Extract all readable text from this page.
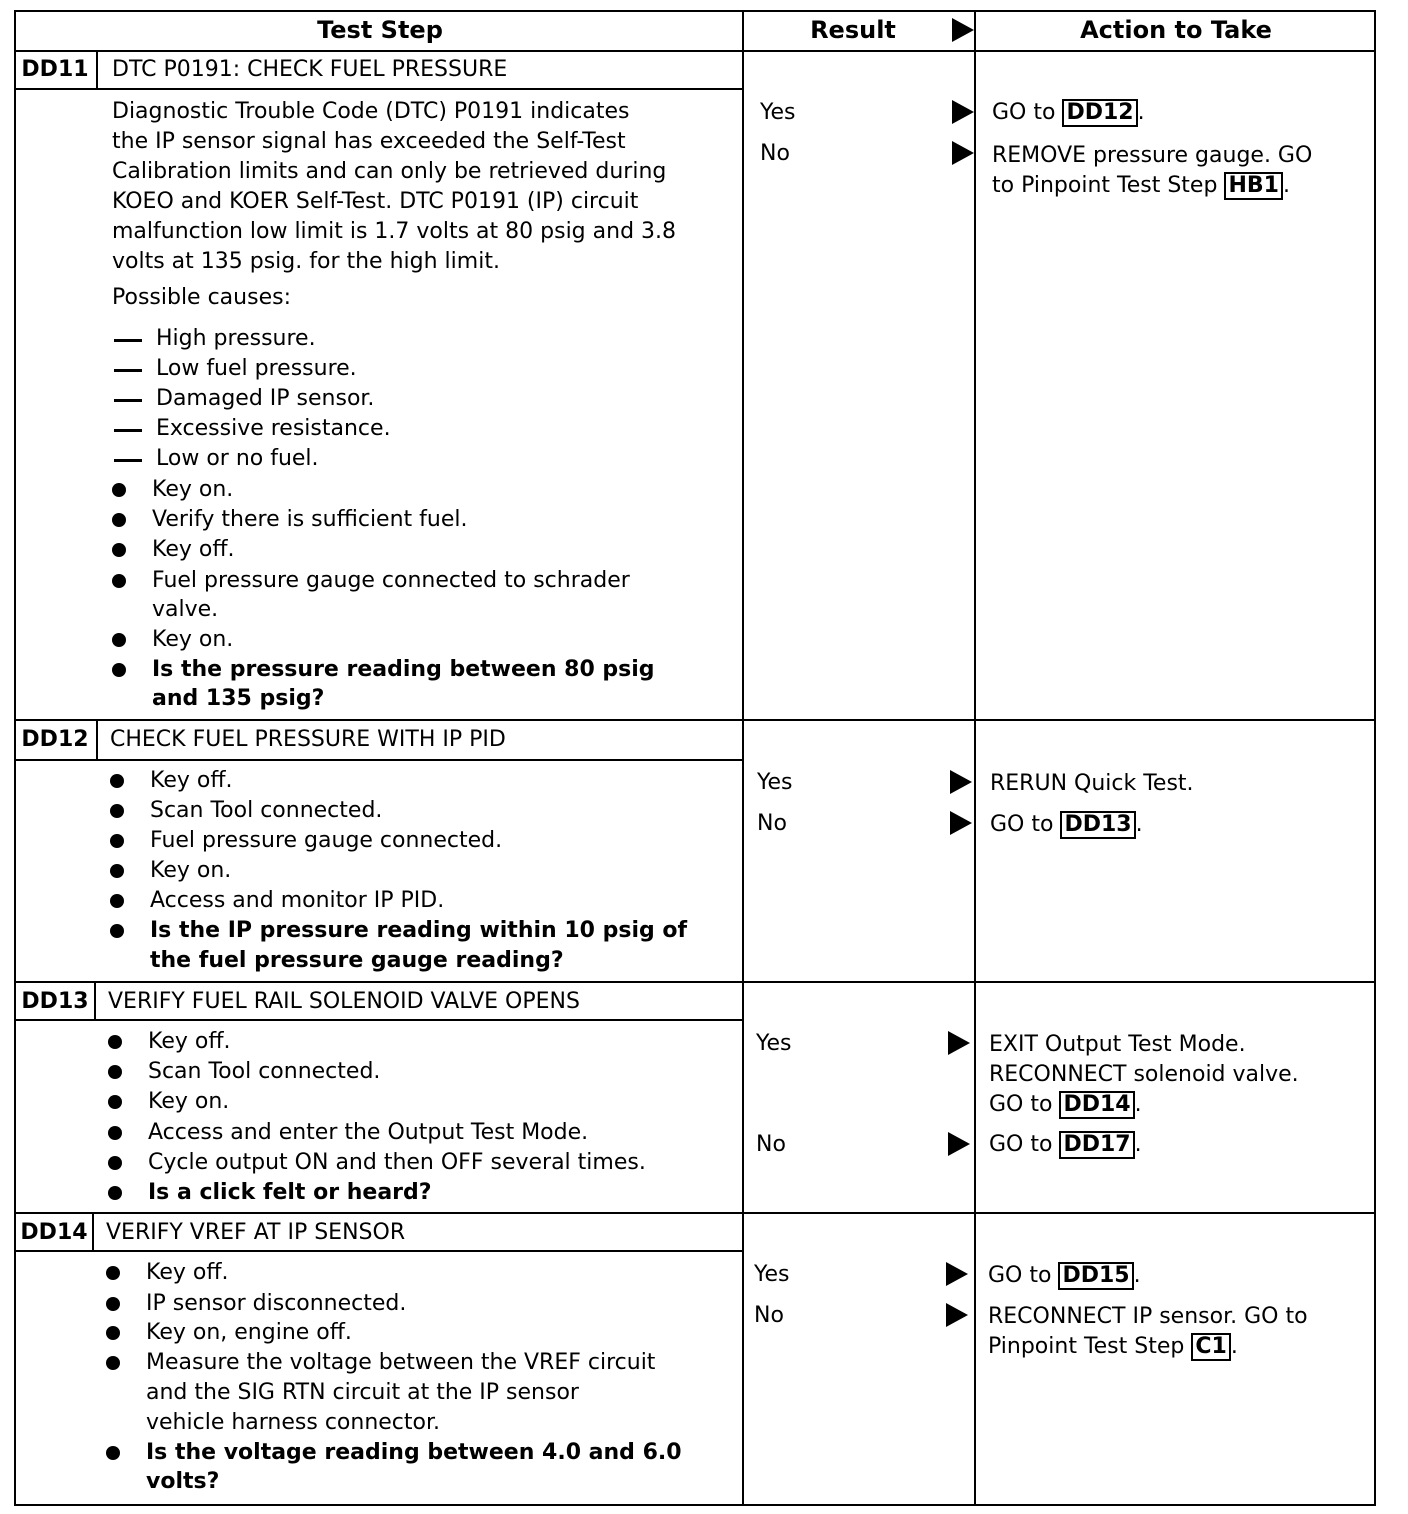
Test Step	Result	Action to Take
DD11 DTC P0191: CHECK FUEL PRESSURE
Diagnostic Trouble Code (DTC) P0191 indicates
the IP sensor signal has exceeded the Self-Test
Calibration limits and can only be retrieved during
KOEO and KOER Self-Test. DTC P0191 (IP) circuit
malfunction low limit is 1.7 volts at 80 psig and 3.8
volts at 135 psig. for the high limit.
Possible causes:
High pressure.
Low fuel pressure.
Damaged IP sensor.
Excessive resistance.
Low or no fuel.
Key on.
Verify there is sufficient fuel.
Key off.
Fuel pressure gauge connected to schrader
valve.
Key on.
Is the pressure reading between 80 psig
and 135 psig?
Yes
No
GO to DD12 .
REMOVE pressure gauge. GO
to Pinpoint Test Step HB1 .
DD12 CHECK FUEL PRESSURE WITH IP PID
Key off.
Scan Tool connected.
Fuel pressure gauge connected.
Key on.
Access and monitor IP PID.
Is the IP pressure reading within 10 psig of
the fuel pressure gauge reading?
Yes
No
RERUN Quick Test.
GO to DD13 .
DD13 VERIFY FUEL RAIL SOLENOID VALVE OPENS
Key off.
Scan Tool connected.
Key on.
Access and enter the Output Test Mode.
Cycle output ON and then OFF several times.
Is a click felt or heard?
Yes
No
EXIT Output Test Mode.
RECONNECT solenoid valve.
GO to DD14 .
GO to DD17 .
DD14 VERIFY VREF AT IP SENSOR
Key off.
IP sensor disconnected.
Key on, engine off.
Measure the voltage between the VREF circuit
and the SIG RTN circuit at the IP sensor
vehicle harness connector.
Is the voltage reading between 4.0 and 6.0
volts?
Yes
No
GO to DD15 .
RECONNECT IP sensor. GO to
Pinpoint Test Step C1 .
